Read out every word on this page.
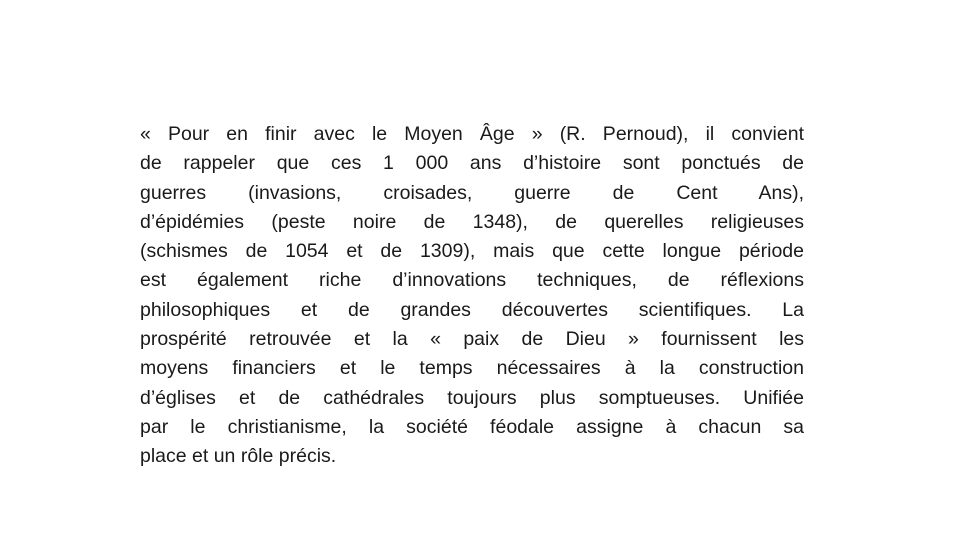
« Pour en finir avec le Moyen Âge » (R. Pernoud), il convient
de rappeler que ces 1 000 ans d’histoire sont ponctués de
guerres (invasions, croisades, guerre de Cent Ans),
d’épidémies (peste noire de 1348), de querelles religieuses
(schismes de 1054 et de 1309), mais que cette longue période
est également riche d’innovations techniques, de réflexions
philosophiques et de grandes découvertes scientifiques. La
prospérité retrouvée et la « paix de Dieu » fournissent les
moyens financiers et le temps nécessaires à la construction
d’églises et de cathédrales toujours plus somptueuses. Unifiée
par le christianisme, la société féodale assigne à chacun sa
place et un rôle précis.
